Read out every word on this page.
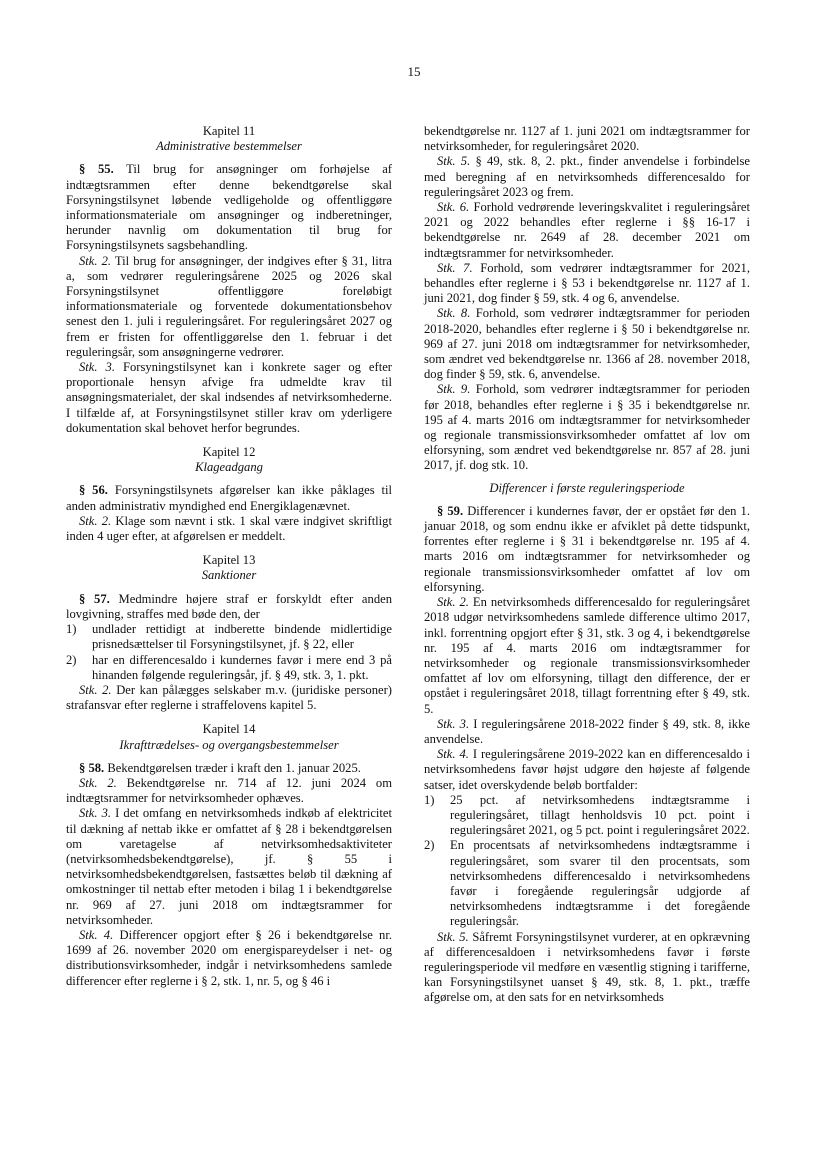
15

Kapitel 11

Administrative bestemmelser

§ 55. Til brug for ansøgninger om forhøjelse af indtægtsrammen efter denne bekendtgørelse skal Forsyningstilsynet løbende vedligeholde og offentliggøre informationsmateriale om ansøgninger og indberetninger, herunder navnlig om dokumentation til brug for Forsyningstilsynets sagsbehandling.

Stk. 2. Til brug for ansøgninger, der indgives efter § 31, litra a, som vedrører reguleringsårene 2025 og 2026 skal Forsyningstilsynet offentliggøre foreløbigt informationsmateriale og forventede dokumentationsbehov senest den 1. juli i reguleringsåret. For reguleringsåret 2027 og frem er fristen for offentliggørelse den 1. februar i det reguleringsår, som ansøgningerne vedrører.

Stk. 3. Forsyningstilsynet kan i konkrete sager og efter proportionale hensyn afvige fra udmeldte krav til ansøgningsmaterialet, der skal indsendes af netvirksomhederne. I tilfælde af, at Forsyningstilsynet stiller krav om yderligere dokumentation skal behovet herfor begrundes.

Kapitel 12

Klageadgang

§ 56. Forsyningstilsynets afgørelser kan ikke påklages til anden administrativ myndighed end Energiklagenævnet.

Stk. 2. Klage som nævnt i stk. 1 skal være indgivet skriftligt inden 4 uger efter, at afgørelsen er meddelt.

Kapitel 13

Sanktioner

§ 57. Medmindre højere straf er forskyldt efter anden lovgivning, straffes med bøde den, der

1)	undlader rettidigt at indberette bindende midlertidige prisnedsættelser til Forsyningstilsynet, jf. § 22, eller
2)	har en differencesaldo i kundernes favør i mere end 3 på hinanden følgende reguleringsår, jf. § 49, stk. 3, 1. pkt.

Stk. 2. Der kan pålægges selskaber m.v. (juridiske personer) strafansvar efter reglerne i straffelovens kapitel 5.

Kapitel 14

Ikrafttrædelses- og overgangsbestemmelser

§ 58. Bekendtgørelsen træder i kraft den 1. januar 2025.

Stk. 2. Bekendtgørelse nr. 714 af 12. juni 2024 om indtægtsrammer for netvirksomheder ophæves.

Stk. 3. I det omfang en netvirksomheds indkøb af elektricitet til dækning af nettab ikke er omfattet af § 28 i bekendtgørelsen om varetagelse af netvirksomhedsaktiviteter (netvirksomhedsbekendtgørelse), jf. § 55 i netvirksomhedsbekendtgørelsen, fastsættes beløb til dækning af omkostninger til nettab efter metoden i bilag 1 i bekendtgørelse nr. 969 af 27. juni 2018 om indtægtsrammer for netvirksomheder.

Stk. 4. Differencer opgjort efter § 26 i bekendtgørelse nr. 1699 af 26. november 2020 om energispareydelser i net- og distributionsvirksomheder, indgår i netvirksomhedens samlede differencer efter reglerne i § 2, stk. 1, nr. 5, og § 46 i

bekendtgørelse nr. 1127 af 1. juni 2021 om indtægtsrammer for netvirksomheder, for reguleringsåret 2020.

Stk. 5. § 49, stk. 8, 2. pkt., finder anvendelse i forbindelse med beregning af en netvirksomheds differencesaldo for reguleringsåret 2023 og frem.

Stk. 6. Forhold vedrørende leveringskvalitet i reguleringsåret 2021 og 2022 behandles efter reglerne i §§ 16-17 i bekendtgørelse nr. 2649 af 28. december 2021 om indtægtsrammer for netvirksomheder.

Stk. 7. Forhold, som vedrører indtægtsrammer for 2021, behandles efter reglerne i § 53 i bekendtgørelse nr. 1127 af 1. juni 2021, dog finder § 59, stk. 4 og 6, anvendelse.

Stk. 8. Forhold, som vedrører indtægtsrammer for perioden 2018-2020, behandles efter reglerne i § 50 i bekendtgørelse nr. 969 af 27. juni 2018 om indtægtsrammer for netvirksomheder, som ændret ved bekendtgørelse nr. 1366 af 28. november 2018, dog finder § 59, stk. 6, anvendelse.

Stk. 9. Forhold, som vedrører indtægtsrammer for perioden før 2018, behandles efter reglerne i § 35 i bekendtgørelse nr. 195 af 4. marts 2016 om indtægtsrammer for netvirksomheder og regionale transmissionsvirksomheder omfattet af lov om elforsyning, som ændret ved bekendtgørelse nr. 857 af 28. juni 2017, jf. dog stk. 10.

Differencer i første reguleringsperiode

§ 59. Differencer i kundernes favør, der er opstået før den 1. januar 2018, og som endnu ikke er afviklet på dette tidspunkt, forrentes efter reglerne i § 31 i bekendtgørelse nr. 195 af 4. marts 2016 om indtægtsrammer for netvirksomheder og regionale transmissionsvirksomheder omfattet af lov om elforsyning.

Stk. 2. En netvirksomheds differencesaldo for reguleringsåret 2018 udgør netvirksomhedens samlede difference ultimo 2017, inkl. forrentning opgjort efter § 31, stk. 3 og 4, i bekendtgørelse nr. 195 af 4. marts 2016 om indtægtsrammer for netvirksomheder og regionale transmissionsvirksomheder omfattet af lov om elforsyning, tillagt den difference, der er opstået i reguleringsåret 2018, tillagt forrentning efter § 49, stk. 5.

Stk. 3. I reguleringsårene 2018-2022 finder § 49, stk. 8, ikke anvendelse.

Stk. 4. I reguleringsårene 2019-2022 kan en differencesaldo i netvirksomhedens favør højst udgøre den højeste af følgende satser, idet overskydende beløb bortfalder:

1)	25 pct. af netvirksomhedens indtægtsramme i reguleringsåret, tillagt henholdsvis 10 pct. point i reguleringsåret 2021, og 5 pct. point i reguleringsåret 2022.
2)	En procentsats af netvirksomhedens indtægtsramme i reguleringsåret, som svarer til den procentsats, som netvirksomhedens differencesaldo i netvirksomhedens favør i foregående reguleringsår udgjorde af netvirksomhedens indtægtsramme i det foregående reguleringsår.

Stk. 5. Såfremt Forsyningstilsynet vurderer, at en opkrævning af differencesaldoen i netvirksomhedens favør i første reguleringsperiode vil medføre en væsentlig stigning i tarifferne, kan Forsyningstilsynet uanset § 49, stk. 8, 1. pkt., træffe afgørelse om, at den sats for en netvirksomheds
